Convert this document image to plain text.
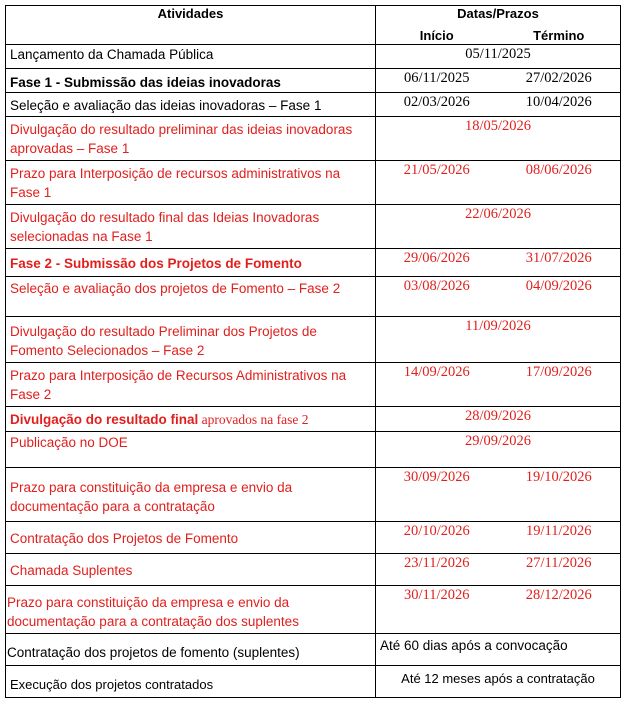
Atividades	Datas/Prazos	
	Início	Término
Lançamento da Chamada Pública	05/11/2025	
Fase 1 - Submissão das ideias inovadoras	06/11/2025	27/02/2026
Seleção e avaliação das ideias inovadoras – Fase 1	02/03/2026	10/04/2026
Divulgação do resultado preliminar das ideias inovadoras aprovadas – Fase 1	18/05/2026	
Prazo para Interposição de recursos administrativos na Fase 1	21/05/2026	08/06/2026
Divulgação do resultado final das Ideias Inovadoras selecionadas na Fase 1	22/06/2026	
Fase 2 - Submissão dos Projetos de Fomento	29/06/2026	31/07/2026
Seleção e avaliação dos projetos de Fomento – Fase 2	03/08/2026	04/09/2026
Divulgação do resultado Preliminar dos Projetos de Fomento Selecionados – Fase 2	11/09/2026	
Prazo para Interposição de Recursos Administrativos na Fase 2	14/09/2026	17/09/2026
Divulgação do resultado final aprovados na fase 2	28/09/2026	
Publicação no DOE	29/09/2026	
Prazo para constituição da empresa e envio da documentação para a contratação	30/09/2026	19/10/2026
Contratação dos Projetos de Fomento	20/10/2026	19/11/2026
Chamada Suplentes	23/11/2026	27/11/2026
Prazo para constituição da empresa e envio da documentação para a contratação dos suplentes	30/11/2026	28/12/2026
Contratação dos projetos de fomento (suplentes)	Até 60 dias após a convocação	
Execução dos projetos contratados	Até 12 meses após a contratação	
